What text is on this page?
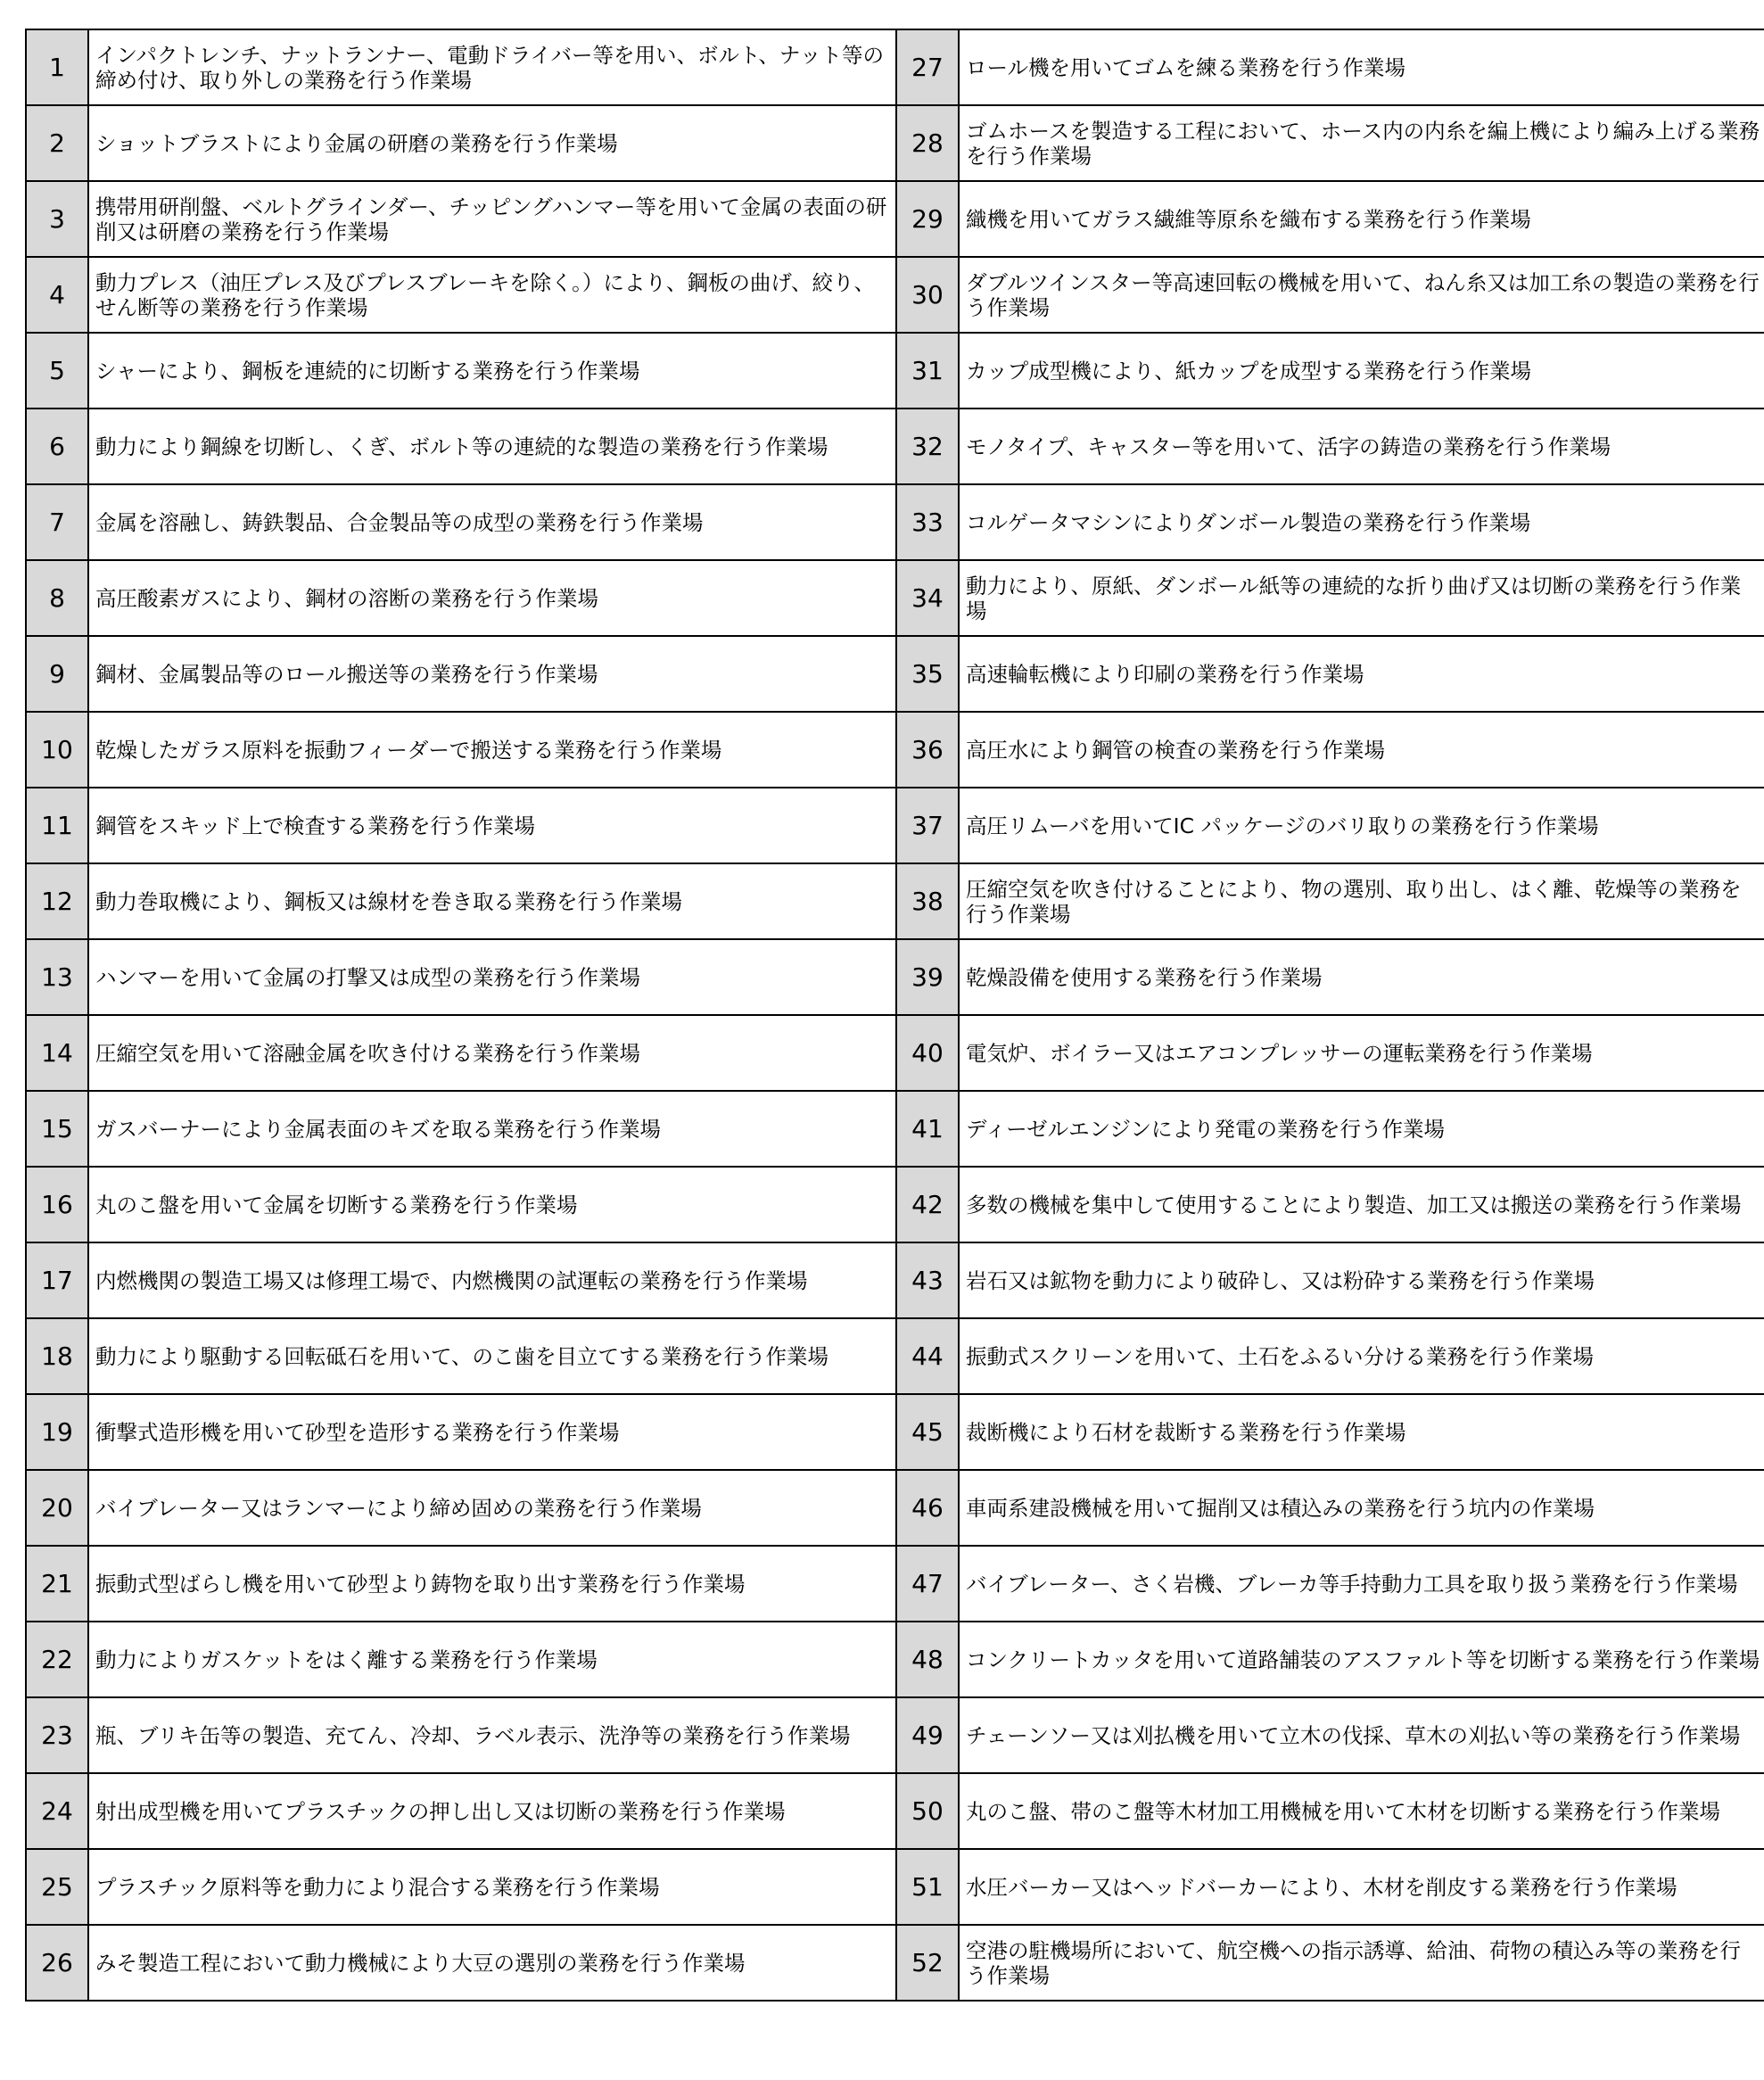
1	インパクトレンチ、ナットランナー、電動ドライバー等を用い、ボルト、ナット等の締め付け、取り外しの業務を行う作業場	27	ロール機を用いてゴムを練る業務を行う作業場
2	ショットブラストにより金属の研磨の業務を行う作業場	28	ゴムホースを製造する工程において、ホース内の内糸を編上機により編み上げる業務を行う作業場
3	携帯用研削盤、ベルトグラインダー、チッピングハンマー等を用いて金属の表面の研削又は研磨の業務を行う作業場	29	織機を用いてガラス繊維等原糸を織布する業務を行う作業場
4	動力プレス（油圧プレス及びプレスブレーキを除く。）により、鋼板の曲げ、絞り、せん断等の業務を行う作業場	30	ダブルツインスター等高速回転の機械を用いて、ねん糸又は加工糸の製造の業務を行う作業場
5	シャーにより、鋼板を連続的に切断する業務を行う作業場	31	カップ成型機により、紙カップを成型する業務を行う作業場
6	動力により鋼線を切断し、くぎ、ボルト等の連続的な製造の業務を行う作業場	32	モノタイプ、キャスター等を用いて、活字の鋳造の業務を行う作業場
7	金属を溶融し、鋳鉄製品、合金製品等の成型の業務を行う作業場	33	コルゲータマシンによりダンボール製造の業務を行う作業場
8	高圧酸素ガスにより、鋼材の溶断の業務を行う作業場	34	動力により、原紙、ダンボール紙等の連続的な折り曲げ又は切断の業務を行う作業場
9	鋼材、金属製品等のロール搬送等の業務を行う作業場	35	高速輪転機により印刷の業務を行う作業場
10	乾燥したガラス原料を振動フィーダーで搬送する業務を行う作業場	36	高圧水により鋼管の検査の業務を行う作業場
11	鋼管をスキッド上で検査する業務を行う作業場	37	高圧リムーバを用いてIC パッケージのバリ取りの業務を行う作業場
12	動力巻取機により、鋼板又は線材を巻き取る業務を行う作業場	38	圧縮空気を吹き付けることにより、物の選別、取り出し、はく離、乾燥等の業務を行う作業場
13	ハンマーを用いて金属の打撃又は成型の業務を行う作業場	39	乾燥設備を使用する業務を行う作業場
14	圧縮空気を用いて溶融金属を吹き付ける業務を行う作業場	40	電気炉、ボイラー又はエアコンプレッサーの運転業務を行う作業場
15	ガスバーナーにより金属表面のキズを取る業務を行う作業場	41	ディーゼルエンジンにより発電の業務を行う作業場
16	丸のこ盤を用いて金属を切断する業務を行う作業場	42	多数の機械を集中して使用することにより製造、加工又は搬送の業務を行う作業場
17	内燃機関の製造工場又は修理工場で、内燃機関の試運転の業務を行う作業場	43	岩石又は鉱物を動力により破砕し、又は粉砕する業務を行う作業場
18	動力により駆動する回転砥石を用いて、のこ歯を目立てする業務を行う作業場	44	振動式スクリーンを用いて、土石をふるい分ける業務を行う作業場
19	衝撃式造形機を用いて砂型を造形する業務を行う作業場	45	裁断機により石材を裁断する業務を行う作業場
20	バイブレーター又はランマーにより締め固めの業務を行う作業場	46	車両系建設機械を用いて掘削又は積込みの業務を行う坑内の作業場
21	振動式型ばらし機を用いて砂型より鋳物を取り出す業務を行う作業場	47	バイブレーター、さく岩機、ブレーカ等手持動力工具を取り扱う業務を行う作業場
22	動力によりガスケットをはく離する業務を行う作業場	48	コンクリートカッタを用いて道路舗装のアスファルト等を切断する業務を行う作業場
23	瓶、ブリキ缶等の製造、充てん、冷却、ラベル表示、洗浄等の業務を行う作業場	49	チェーンソー又は刈払機を用いて立木の伐採、草木の刈払い等の業務を行う作業場
24	射出成型機を用いてプラスチックの押し出し又は切断の業務を行う作業場	50	丸のこ盤、帯のこ盤等木材加工用機械を用いて木材を切断する業務を行う作業場
25	プラスチック原料等を動力により混合する業務を行う作業場	51	水圧バーカー又はヘッドバーカーにより、木材を削皮する業務を行う作業場
26	みそ製造工程において動力機械により大豆の選別の業務を行う作業場	52	空港の駐機場所において、航空機への指示誘導、給油、荷物の積込み等の業務を行う作業場
